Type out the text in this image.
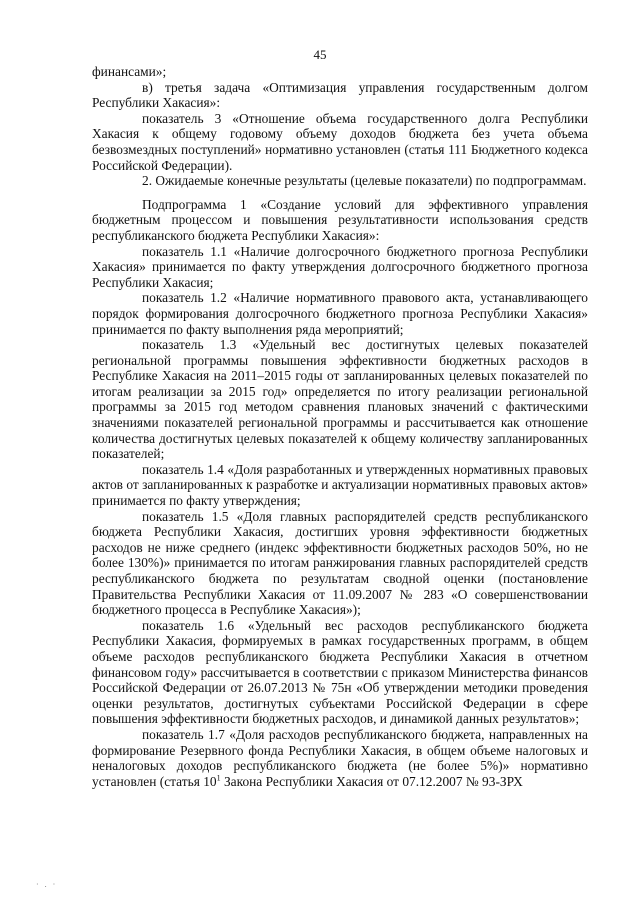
45

финансами»;

в) третья задача «Оптимизация управления государственным долгом Республики Хакасия»:

показатель 3 «Отношение объема государственного долга Республики Хакасия к общему годовому объему доходов бюджета без учета объема безвозмездных поступлений» нормативно установлен (статья 111 Бюджетного кодекса Российской Федерации).

2. Ожидаемые конечные результаты (целевые показатели) по подпрограммам.

Подпрограмма 1 «Создание условий для эффективного управления бюджетным процессом и повышения результативности использования средств республиканского бюджета Республики Хакасия»:

показатель 1.1 «Наличие долгосрочного бюджетного прогноза Республики Хакасия» принимается по факту утверждения долгосрочного бюджетного прогноза Республики Хакасия;

показатель 1.2 «Наличие нормативного правового акта, устанавливающего порядок формирования долгосрочного бюджетного прогноза Республики Хакасия» принимается по факту выполнения ряда мероприятий;

показатель 1.3 «Удельный вес достигнутых целевых показателей региональной программы повышения эффективности бюджетных расходов в Республике Хакасия на 2011–2015 годы от запланированных целевых показателей по итогам реализации за 2015 год» определяется по итогу реализации региональной программы за 2015 год методом сравнения плановых значений с фактическими значениями показателей региональной программы и рассчитывается как отношение количества достигнутых целевых показателей к общему количеству запланированных показателей;

показатель 1.4 «Доля разработанных и утвержденных нормативных правовых актов от запланированных к разработке и актуализации нормативных правовых актов» принимается по факту утверждения;

показатель 1.5 «Доля главных распорядителей средств республиканского бюджета Республики Хакасия, достигших уровня эффективности бюджетных расходов не ниже среднего (индекс эффективности бюджетных расходов 50%, но не более 130%)» принимается по итогам ранжирования главных распорядителей средств республиканского бюджета по результатам сводной оценки (постановление Правительства Республики Хакасия от 11.09.2007 № 283 «О совершенствовании бюджетного процесса в Республике Хакасия»);

показатель 1.6 «Удельный вес расходов республиканского бюджета Республики Хакасия, формируемых в рамках государственных программ, в общем объеме расходов республиканского бюджета Республики Хакасия в отчетном финансовом году» рассчитывается в соответствии с приказом Министерства финансов Российской Федерации от 26.07.2013 № 75н «Об утверждении методики проведения оценки результатов, достигнутых субъектами Российской Федерации в сфере повышения эффективности бюджетных расходов, и динамикой данных результатов»;

показатель 1.7 «Доля расходов республиканского бюджета, направленных на формирование Резервного фонда Республики Хакасия, в общем объеме налоговых и неналоговых доходов республиканского бюджета (не более 5%)» нормативно установлен (статья $10^1$ Закона Республики Хакасия от 07.12.2007 № 93-ЗРХ

· . ·
